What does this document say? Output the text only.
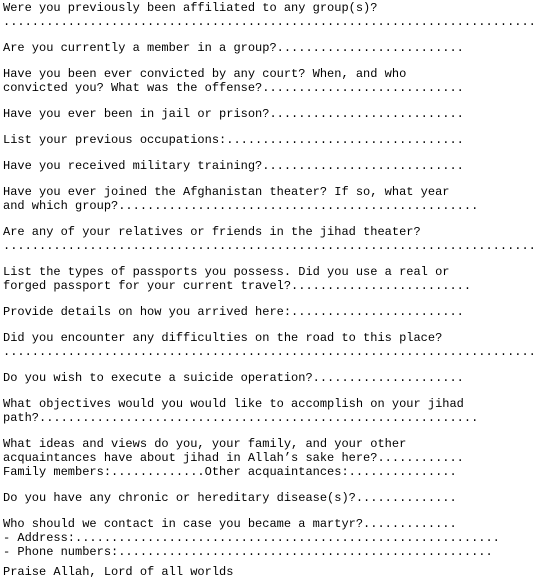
Were you previously been affiliated to any group(s)?
..........................................................................
Are you currently a member in a group?..........................
Have you been ever convicted by any court? When, and who
convicted you? What was the offense?............................
Have you ever been in jail or prison?...........................
List your previous occupations:.................................
Have you received military training?............................
Have you ever joined the Afghanistan theater? If so, what year
and which group?..................................................
Are any of your relatives or friends in the jihad theater?
..........................................................................
List the types of passports you possess. Did you use a real or
forged passport for your current travel?.........................
Provide details on how you arrived here:........................
Did you encounter any difficulties on the road to this place?
..........................................................................
Do you wish to execute a suicide operation?.....................
What objectives would you would like to accomplish on your jihad
path?.............................................................
What ideas and views do you, your family, and your other
acquaintances have about jihad in Allah’s sake here?............
Family members:.............Other acquaintances:...............
Do you have any chronic or hereditary disease(s)?..............
Who should we contact in case you became a martyr?.............
- Address:...........................................................
- Phone numbers:....................................................
Praise Allah, Lord of all worlds
